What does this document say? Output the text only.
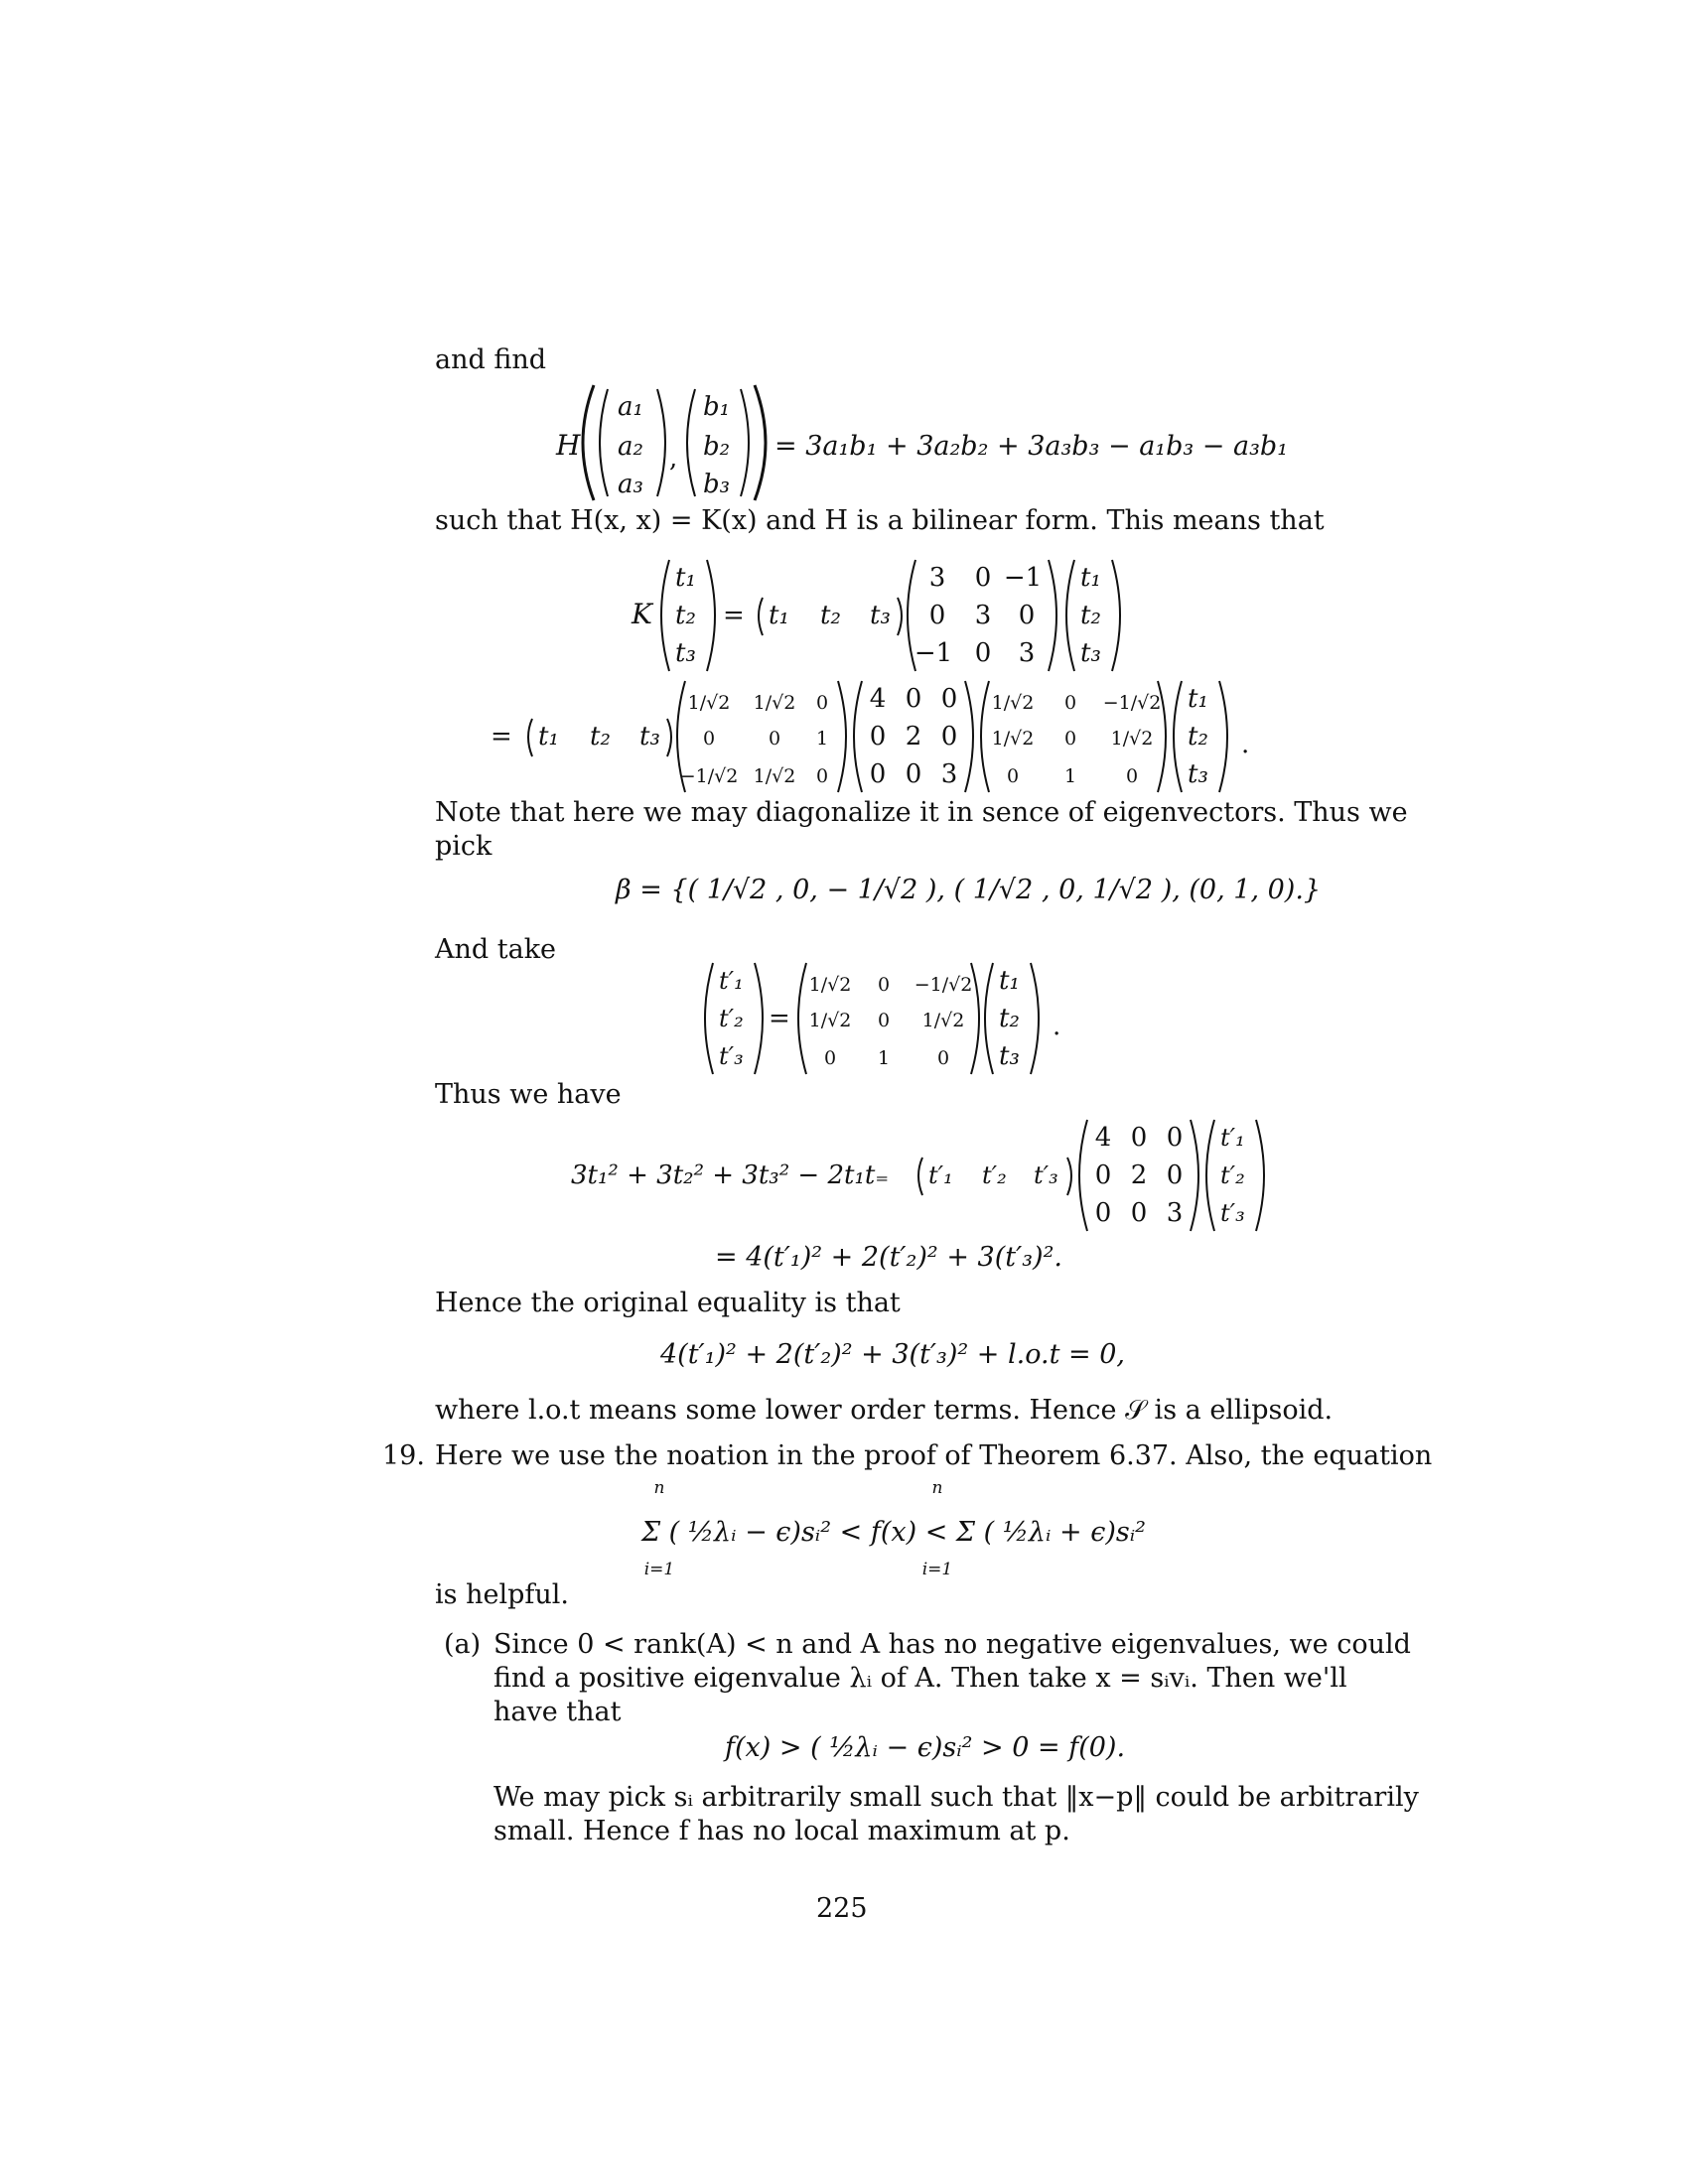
and find
H
a₁
a₂
a₃
,
b₁
b₂
b₃
= 3a₁b₁ + 3a₂b₂ + 3a₃b₃ − a₁b₃ − a₃b₁
such that H(x, x) = K(x) and H is a bilinear form. This means that
K
t₁
t₂
t₃
= t₁ t₂ t₃
3 0 −1
0 3 0
−1 0 3
t₁
t₂
t₃
= t₁ t₂ t₃
1/√2 1/√2 0
0	0 1
−1/√2 1/√2 0
4 0 0
0 2 0
0 0 3
1/√2 0 −1/√2
1/√2 0 1/√2
0 1	0
t₁
t₂
t₃
.
Note that here we may diagonalize it in sence of eigenvectors. Thus we
pick
β = {( 1/√2 , 0, − 1/√2 ), ( 1/√2 , 0, 1/√2 ), (0, 1, 0).}
And take
t′₁
t′₂
t′₃
=
1/√2 0 −1/√2
1/√2 0 1/√2
0 1	0
t₁
t₂
t₃
.
Thus we have
3t₁² + 3t₂² + 3t₃² − 2t₁t₌ t′₁ t′₂ t′₃
4 0 0
0 2 0
0 0 3
t′₁
t′₂
t′₃
= 4(t′₁)² + 2(t′₂)² + 3(t′₃)².
Hence the original equality is that
4(t′₁)² + 2(t′₂)² + 3(t′₃)² + l.o.t = 0,
where l.o.t means some lower order terms. Hence 𝒮 is a ellipsoid.
19. Here we use the noation in the proof of Theorem 6.37. Also, the equation
n
i=1
n
i=1
Σ ( ½λᵢ − ϵ)sᵢ² < f(x) < Σ ( ½λᵢ + ϵ)sᵢ²
is helpful.
(a) Since 0 < rank(A) < n and A has no negative eigenvalues, we could
find a positive eigenvalue λᵢ of A. Then take x = sᵢvᵢ. Then we'll
have that
f(x) > ( ½λᵢ − ϵ)sᵢ² > 0 = f(0).
We may pick sᵢ arbitrarily small such that ‖x−p‖ could be arbitrarily
small. Hence f has no local maximum at p.
225
